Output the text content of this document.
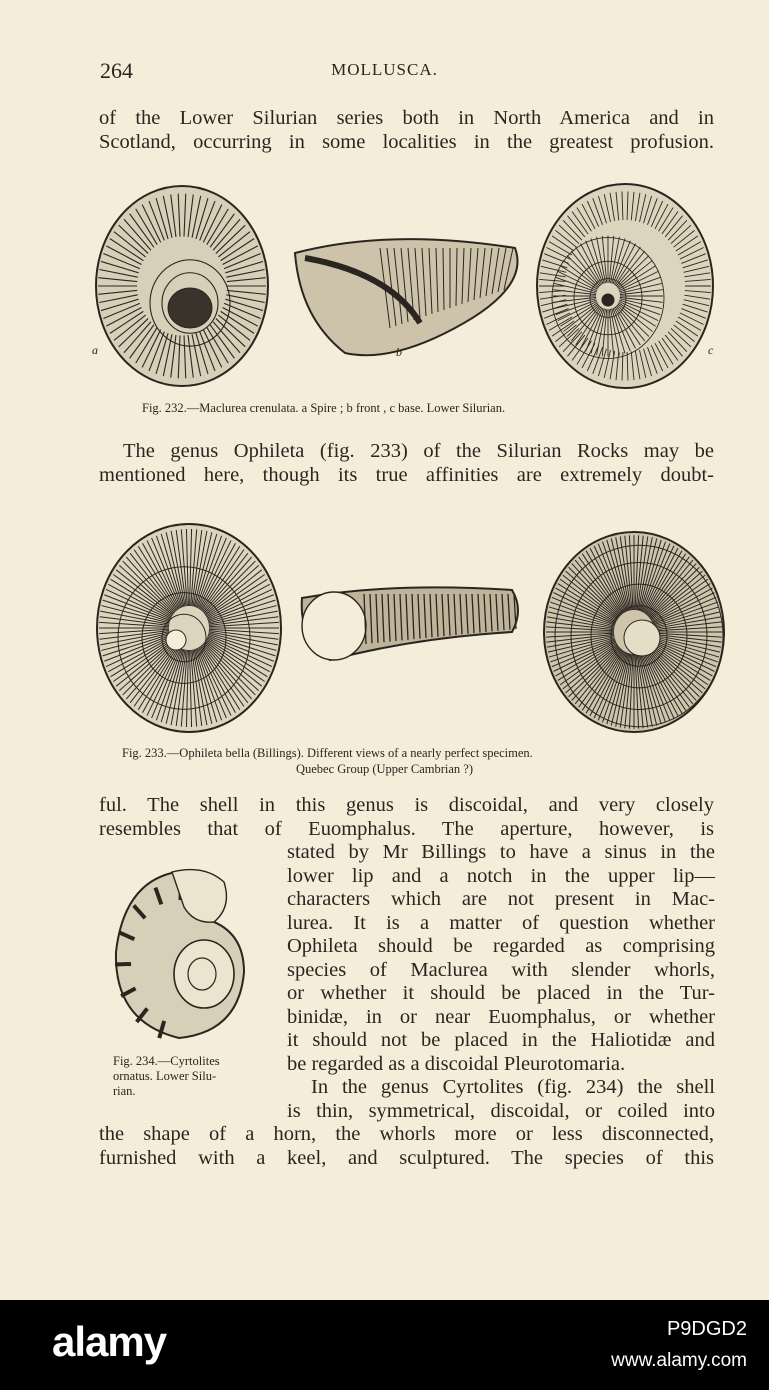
264	MOLLUSCA.
of the Lower Silurian series both in North America and in
Scotland, occurring in some localities in the greatest profusion.
a	b	c
Fig. 232.—Maclurea crenulata. a Spire ; b front , c base. Lower Silurian.
The genus Ophileta (fig. 233) of the Silurian Rocks may be
mentioned here, though its true affinities are extremely doubt-
Fig. 233.—Ophileta bella (Billings). Different views of a nearly perfect specimen.
Quebec Group (Upper Cambrian ?)
ful. The shell in this genus is discoidal, and very closely
resembles that of Euomphalus. The aperture, however, is
Fig. 234.—Cyrtolites
ornatus. Lower Silu-
rian.
stated by Mr Billings to have a sinus in the
lower lip and a notch in the upper lip—
characters which are not present in Mac-
lurea. It is a matter of question whether
Ophileta should be regarded as comprising
species of Maclurea with slender whorls,
or whether it should be placed in the Tur-
binidæ, in or near Euomphalus, or whether
it should not be placed in the Haliotidæ and
be regarded as a discoidal Pleurotomaria.
In the genus Cyrtolites (fig. 234) the shell
is thin, symmetrical, discoidal, or coiled into
the shape of a horn, the whorls more or less disconnected,
furnished with a keel, and sculptured. The species of this
alamy	P9DGD2
www.alamy.com
